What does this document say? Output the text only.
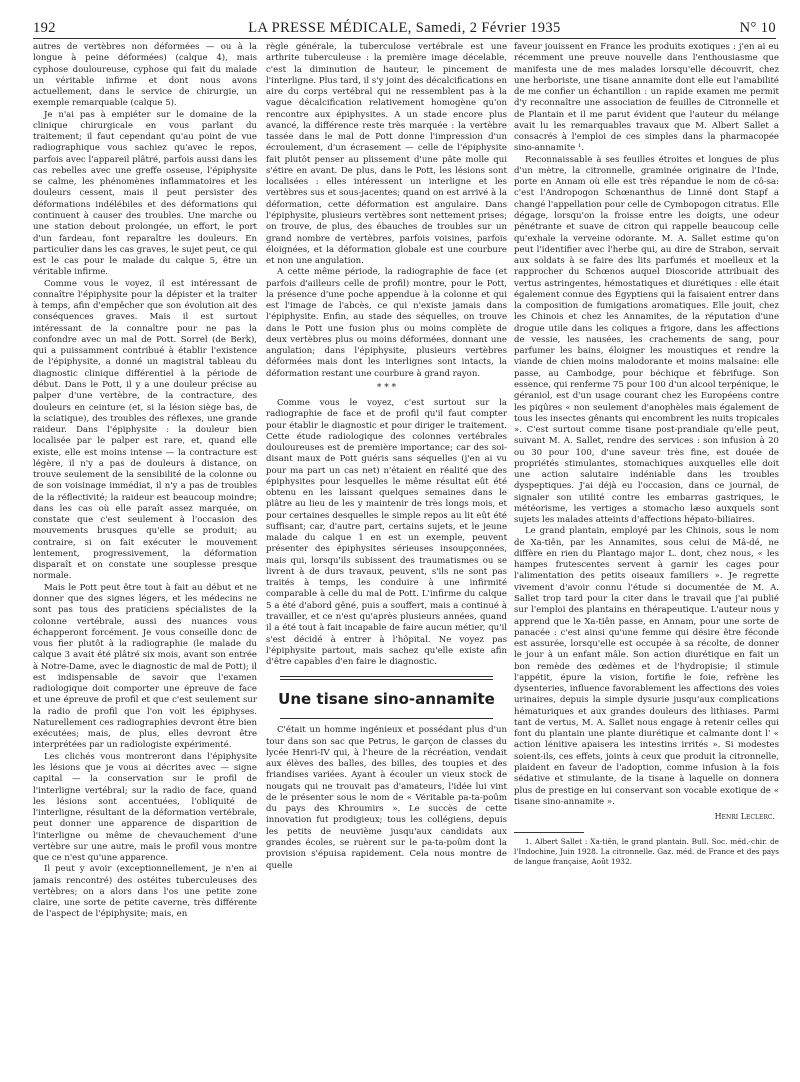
192	LA PRESSE MÉDICALE, Samedi, 2 Février 1935	N° 10

autres de vertèbres non déformées — ou à la longue à peine déformées) (calque 4), mais cyphose douloureuse, cyphose qui fait du malade un véritable infirme et dont nous avons actuellement, dans le service de chirurgie, un exemple remarquable (calque 5).

Je n'ai pas à empiéter sur le domaine de la clinique chirurgicale en vous parlant du traitement; il faut cependant qu'au point de vue radiographique vous sachiez qu'avec le repos, parfois avec l'appareil plâtré, parfois aussi dans les cas rebelles avec une greffe osseuse, l'épiphysite se calme, les phénomènes inflammatoires et les douleurs cessent, mais il peut persister des déformations indélébiles et des déformations qui continuent à causer des troubles. Une marche ou une station debout prolongée, un effort, le port d'un fardeau, font reparaître les douleurs. En particulier dans les cas graves, le sujet peut, ce qui est le cas pour le malade du calque 5, être un véritable infirme.

Comme vous le voyez, il est intéressant de connaître l'épiphysite pour la dépister et la traiter à temps, afin d'empêcher que son évolution ait des conséquences graves. Mais il est surtout intéressant de la connaître pour ne pas la confondre avec un mal de Pott. Sorrel (de Berk), qui a puissamment contribué à établir l'existence de l'épiphysite, a donné un magistral tableau du diagnostic clinique différentiel à la période de début. Dans le Pott, il y a une douleur précise au palper d'une vertèbre, de la contracture, des douleurs en ceinture (et, si la lésion siège bas, de la sciatique), des troubles des réflexes, une grande raideur. Dans l'épiphysite : la douleur bien localisée par le palper est rare, et, quand elle existe, elle est moins intense — la contracture est légère, il n'y a pas de douleurs à distance, on trouve seulement de la sensibilité de la colonne ou de son voisinage immédiat, il n'y a pas de troubles de la réflectivité; la raideur est beaucoup moindre; dans les cas où elle paraît assez marquée, on constate que c'est seulement à l'occasion des mouvements brusques qu'elle se produit; au contraire, si on fait exécuter le mouvement lentement, progressivement, la déformation disparaît et on constate une souplesse presque normale.

Mais le Pott peut être tout à fait au début et ne donner que des signes légers, et les médecins ne sont pas tous des praticiens spécialistes de la colonne vertébrale, aussi des nuances vous échapperont forcément. Je vous conseille donc de vous fier plutôt à la radiographie (le malade du calque 3 avait été plâtré six mois, avant son entrée à Notre-Dame, avec le diagnostic de mal de Pott); il est indispensable de savoir que l'examen radiologique doit comporter une épreuve de face et une épreuve de profil et que c'est seulement sur la radio de profil que l'on voit les épiphyses. Naturellement ces radiographies devront être bien exécutées; mais, de plus, elles devront être interprétées par un radiologiste expérimenté.

Les clichés vous montreront dans l'épiphysite les lésions que je vous ai décrites avec — signe capital — la conservation sur le profil de l'interligne vertébral; sur la radio de face, quand les lésions sont accentuées, l'obliquité de l'interligne, résultant de la déformation vertébrale, peut donner une apparence de disparition de l'interligne ou même de chevauchement d'une vertèbre sur une autre, mais le profil vous montre que ce n'est qu'une apparence.

Il peut y avoir (exceptionnellement, je n'en ai jamais rencontré) des ostéites tuberculeuses des vertèbres; on a alors dans l'os une petite zone claire, une sorte de petite caverne, très différente de l'aspect de l'épiphysite; mais, en

règle générale, la tuberculose vertébrale est une arthrite tuberculeuse : la première image décelable, c'est la diminution de hauteur, le pincement de l'interligne. Plus tard, il s'y joint des décalcifications en aire du corps vertébral qui ne ressemblent pas à la vague décalcification relativement homogène qu'on rencontre aux épiphysites. A un stade encore plus avancé, la différence reste très marquée : la vertèbre tassée dans le mal de Pott donne l'impression d'un écroulement, d'un écrasement — celle de l'épiphysite fait plutôt penser au plissement d'une pâte molle qui s'étire en avant. De plus, dans le Pott, les lésions sont localisées : elles intéressent un interligne et les vertèbres sus et sous-jacentes; quand on est arrivé à la déformation, cette déformation est angulaire. Dans l'épiphysite, plusieurs vertèbres sont nettement prises; on trouve, de plus, des ébauches de troubles sur un grand nombre de vertèbres, parfois voisines, parfois éloignées, et la déformation globale est une courbure et non une angulation.

A cette même période, la radiographie de face (et parfois d'ailleurs celle de profil) montre, pour le Pott, la présence d'une poche appendue à la colonne et qui est l'image de l'abcès, ce qui n'existe jamais dans l'épiphysite. Enfin, au stade des séquelles, on trouve dans le Pott une fusion plus ou moins complète de deux vertèbres plus ou moins déformées, donnant une angulation; dans l'épiphysite, plusieurs vertèbres déformées mais dont les interlignes sont intacts, la déformation restant une courbure à grand rayon.

* * *

Comme vous le voyez, c'est surtout sur la radiographie de face et de profil qu'il faut compter pour établir le diagnostic et pour diriger le traitement. Cette étude radiologique des colonnes vertébrales douloureuses est de première importance; car des soi-disant maux de Pott guéris sans séquelles (j'en ai vu pour ma part un cas net) n'étaient en réalité que des épiphysites pour lesquelles le même résultat eût été obtenu en les laissant quelques semaines dans le plâtre au lieu de les y maintenir de très longs mois, et pour certaines desquelles le simple repos au lit eût été suffisant; car, d'autre part, certains sujets, et le jeune malade du calque 1 en est un exemple, peuvent présenter des épiphysites sérieuses insoupçonnées, mais qui, lorsqu'ils subissent des traumatismes ou se livrent à de durs travaux, peuvent, s'ils ne sont pas traités à temps, les conduire à une infirmité comparable à celle du mal de Pott. L'infirme du calque 5 a été d'abord gêné, puis a souffert, mais a continué à travailler, et ce n'est qu'après plusieurs années, quand il a été tout à fait incapable de faire aucun métier, qu'il s'est décidé à entrer à l'hôpital. Ne voyez pas l'épiphysite partout, mais sachez qu'elle existe afin d'être capables d'en faire le diagnostic.

Une tisane sino-annamite

C'était un homme ingénieux et possédant plus d'un tour dans son sac que Petrus, le garçon de classes du lycée Henri-IV qui, à l'heure de la récréation, vendait aux élèves des balles, des billes, des toupies et des friandises variées. Ayant à écouler un vieux stock de nougats qui ne trouvait pas d'amateurs, l'idée lui vint de le présenter sous le nom de « Véritable pa-ta-poûm du pays des Khroumirs ». Le succès de cette innovation fut prodigieux; tous les collégiens, depuis les petits de neuvième jusqu'aux candidats aux grandes écoles, se ruèrent sur le pa-ta-poûm dont la provision s'épuisa rapidement. Cela nous montre de quelle

faveur jouissent en France les produits exotiques : j'en ai eu récemment une preuve nouvelle dans l'enthousiasme que manifesta une de mes malades lorsqu'elle découvrit, chez une herboriste, une tisane annamite dont elle eut l'amabilité de me confier un échantillon : un rapide examen me permit d'y reconnaître une association de feuilles de Citronnelle et de Plantain et il me parut évident que l'auteur du mélange avait lu les remarquables travaux que M. Albert Sallet a consacrés à l'emploi de ces simples dans la pharmacopée sino-annamite ¹.

Reconnaissable à ses feuilles étroites et longues de plus d'un mètre, la citronnelle, graminée originaire de l'Inde, porte en Annam où elle est très répandue le nom de cô-sa: c'est l'Andropogon Schœnanthus de Linné dont Stapf a changé l'appellation pour celle de Cymbopogon citratus. Elle dégage, lorsqu'on la froisse entre les doigts, une odeur pénétrante et suave de citron qui rappelle beaucoup celle qu'exhale la verveine odorante. M. A. Sallet estime qu'on peut l'identifier avec l'herbe qui, au dire de Strabon, servait aux soldats à se faire des lits parfumés et moelleux et la rapprocher du Schœnos auquel Dioscoride attribuait des vertus astringentes, hémostatiques et diurétiques : elle était également connue des Égyptiens qui la faisaient entrer dans la composition de fumigations aromatiques. Elle jouit, chez les Chinois et chez les Annamites, de la réputation d'une drogue utile dans les coliques a frigore, dans les affections de vessie, les nausées, les crachements de sang, pour parfumer les bains, éloigner les moustiques et rendre la viande de chien moins malodorante et moins malsaine: elle passe, au Cambodge, pour béchique et fébrifuge. Son essence, qui renferme 75 pour 100 d'un alcool terpénique, le géraniol, est d'un usage courant chez les Européens contre les piqûres « non seulement d'anophèles mais également de tous les insectes gênants qui encombrent les nuits tropicales ». C'est surtout comme tisane post-prandiale qu'elle peut, suivant M. A. Sallet, rendre des services : son infusion à 20 ou 30 pour 100, d'une saveur très fine, est douée de propriétés stimulantes, stomachiques auxquelles elle doit une action salutaire indéniable dans les troubles dyspeptiques. J'ai déjà eu l'occasion, dans ce journal, de signaler son utilité contre les embarras gastriques, le météorisme, les vertiges a stomacho læso auxquels sont sujets les malades atteints d'affections hépato-biliaires.

Le grand plantain, employé par les Chinois, sous le nom de Xa-tiên, par les Annamites, sous celui de Mâ-dé, ne diffère en rien du Plantago major L. dont, chez nous, « les hampes frutescentes servent à garnir les cages pour l'alimentation des petits oiseaux familiers ». Je regrette vivement d'avoir connu l'étude si documentée de M. A. Sallet trop tard pour la citer dans le travail que j'ai publié sur l'emploi des plantains en thérapeutique. L'auteur nous y apprend que le Xa-tiên passe, en Annam, pour une sorte de panacée : c'est ainsi qu'une femme qui désire être féconde est assurée, lorsqu'elle est occupée à sa récolte, de donner le jour à un enfant mâle. Son action diurétique en fait un bon remède des œdèmes et de l'hydropisie; il stimule l'appétit, épure la vision, fortifie le foie, refrène les dysenteries, influence favorablement les affections des voies urinaires, depuis la simple dysurie jusqu'aux complications hématuriques et aux grandes douleurs des lithiases. Parmi tant de vertus, M. A. Sallet nous engage à retenir celles qui font du plantain une plante diurétique et calmante dont l' « action lénitive apaisera les intestins irrités ». Si modestes soient-ils, ces effets, joints à ceux que produit la citronnelle, plaident en faveur de l'adoption, comme infusion à la fois sédative et stimulante, de la tisane à laquelle on donnera plus de prestige en lui conservant son vocable exotique de « tisane sino-annamite ».

Henri Leclerc.

1. Albert Sallet : Xa-tiên, le grand plantain. Bull. Soc. méd.-chir. de l'Indochine, Juin 1928. La citronnelle. Gaz. méd. de France et des pays de langue française, Août 1932.
